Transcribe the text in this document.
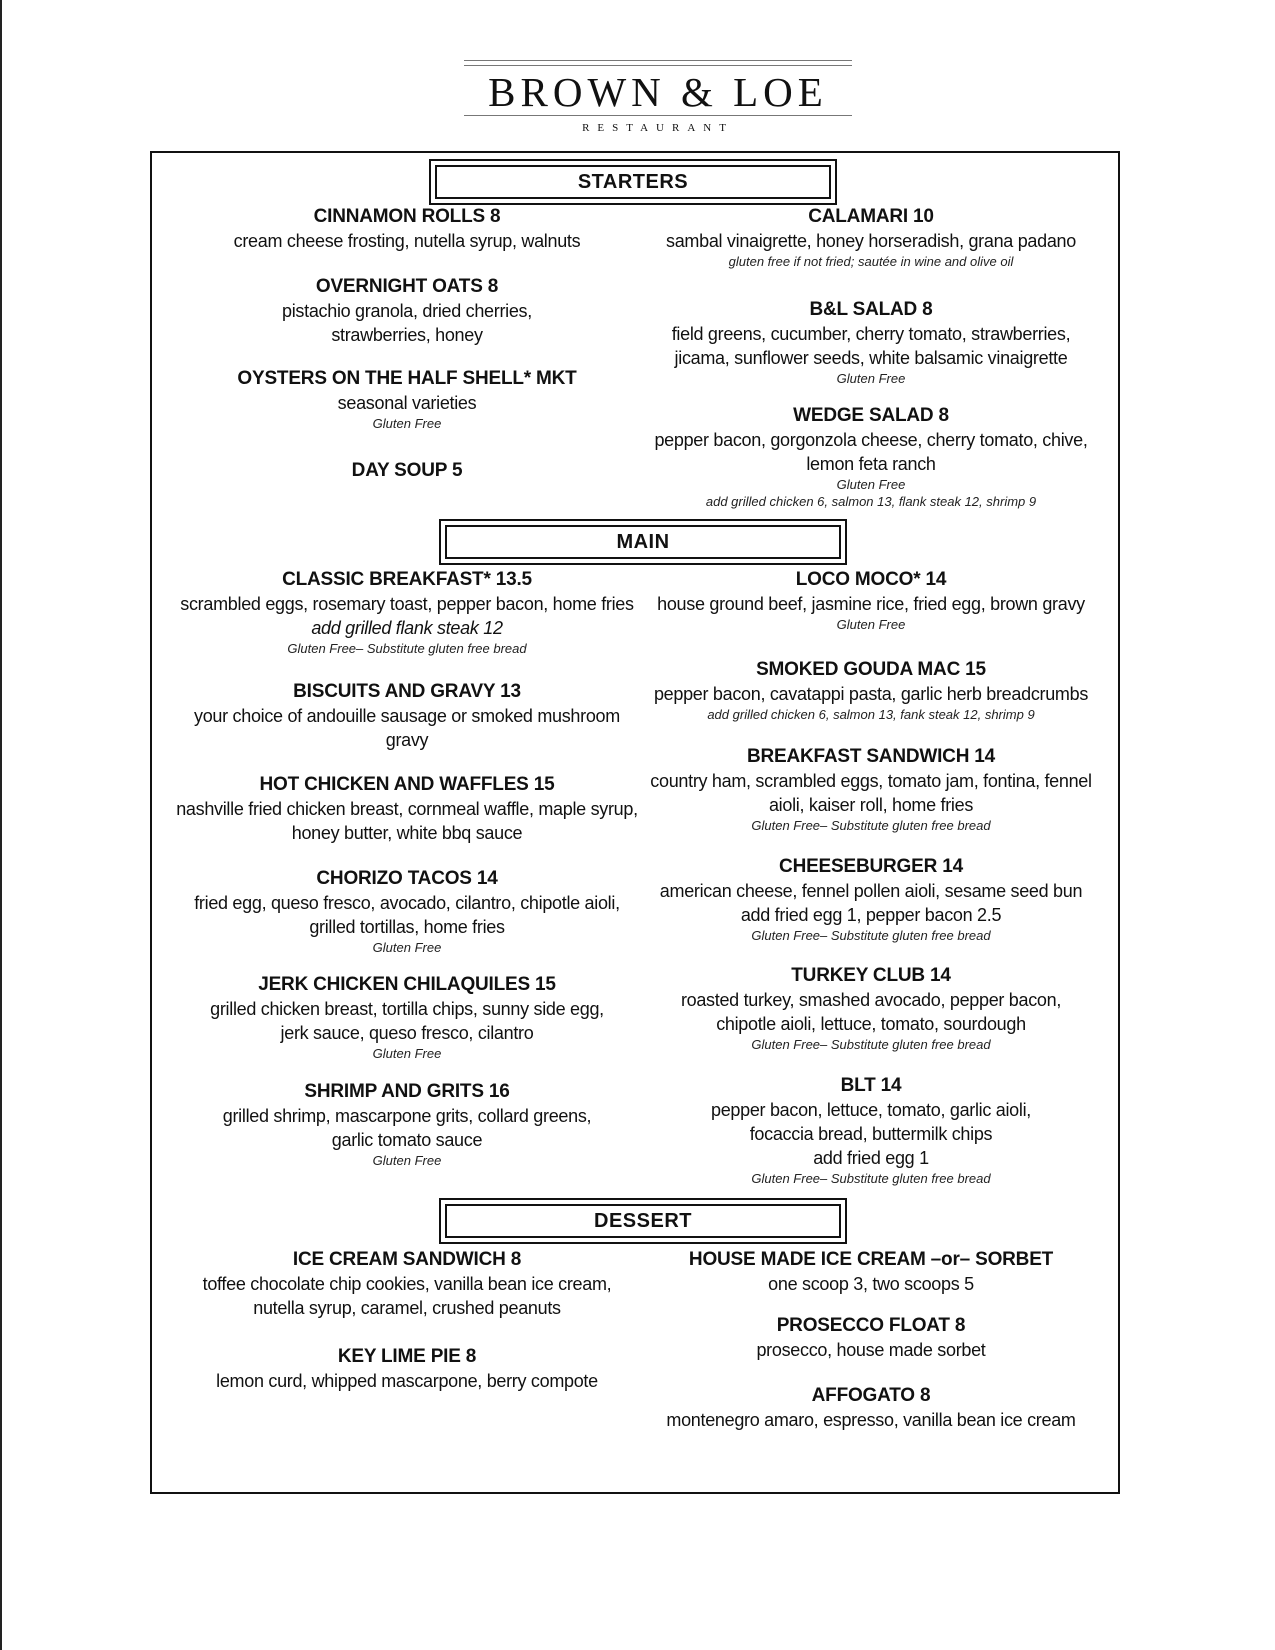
BROWN & LOE
RESTAURANT
STARTERS
MAIN
DESSERT
CINNAMON ROLLS 8
cream cheese frosting, nutella syrup, walnuts
OVERNIGHT OATS 8
pistachio granola, dried cherries,
strawberries, honey
OYSTERS ON THE HALF SHELL* MKT
seasonal varieties
Gluten Free
DAY SOUP 5
CALAMARI 10
sambal vinaigrette, honey horseradish, grana padano
gluten free if not fried; sautée in wine and olive oil
B&L SALAD 8
field greens, cucumber, cherry tomato, strawberries,
jicama, sunflower seeds, white balsamic vinaigrette
Gluten Free
WEDGE SALAD 8
pepper bacon, gorgonzola cheese, cherry tomato, chive,
lemon feta ranch
Gluten Free
add grilled chicken 6, salmon 13, flank steak 12, shrimp 9
CLASSIC BREAKFAST* 13.5
scrambled eggs, rosemary toast, pepper bacon, home fries
add grilled flank steak 12
Gluten Free– Substitute gluten free bread
BISCUITS AND GRAVY 13
your choice of andouille sausage or smoked mushroom
gravy
HOT CHICKEN AND WAFFLES 15
nashville fried chicken breast, cornmeal waffle, maple syrup,
honey butter, white bbq sauce
CHORIZO TACOS 14
fried egg, queso fresco, avocado, cilantro, chipotle aioli,
grilled tortillas, home fries
Gluten Free
JERK CHICKEN CHILAQUILES 15
grilled chicken breast, tortilla chips, sunny side egg,
jerk sauce, queso fresco, cilantro
Gluten Free
SHRIMP AND GRITS 16
grilled shrimp, mascarpone grits, collard greens,
garlic tomato sauce
Gluten Free
LOCO MOCO* 14
house ground beef, jasmine rice, fried egg, brown gravy
Gluten Free
SMOKED GOUDA MAC 15
pepper bacon, cavatappi pasta, garlic herb breadcrumbs
add grilled chicken 6, salmon 13, fank steak 12, shrimp 9
BREAKFAST SANDWICH 14
country ham, scrambled eggs, tomato jam, fontina, fennel
aioli, kaiser roll, home fries
Gluten Free– Substitute gluten free bread
CHEESEBURGER 14
american cheese, fennel pollen aioli, sesame seed bun
add fried egg 1, pepper bacon 2.5
Gluten Free– Substitute gluten free bread
TURKEY CLUB 14
roasted turkey, smashed avocado, pepper bacon,
chipotle aioli, lettuce, tomato, sourdough
Gluten Free– Substitute gluten free bread
BLT 14
pepper bacon, lettuce, tomato, garlic aioli,
focaccia bread, buttermilk chips
add fried egg 1
Gluten Free– Substitute gluten free bread
ICE CREAM SANDWICH 8
toffee chocolate chip cookies, vanilla bean ice cream,
nutella syrup, caramel, crushed peanuts
KEY LIME PIE 8
lemon curd, whipped mascarpone, berry compote
HOUSE MADE ICE CREAM –or– SORBET
one scoop 3, two scoops 5
PROSECCO FLOAT 8
prosecco, house made sorbet
AFFOGATO 8
montenegro amaro, espresso, vanilla bean ice cream
